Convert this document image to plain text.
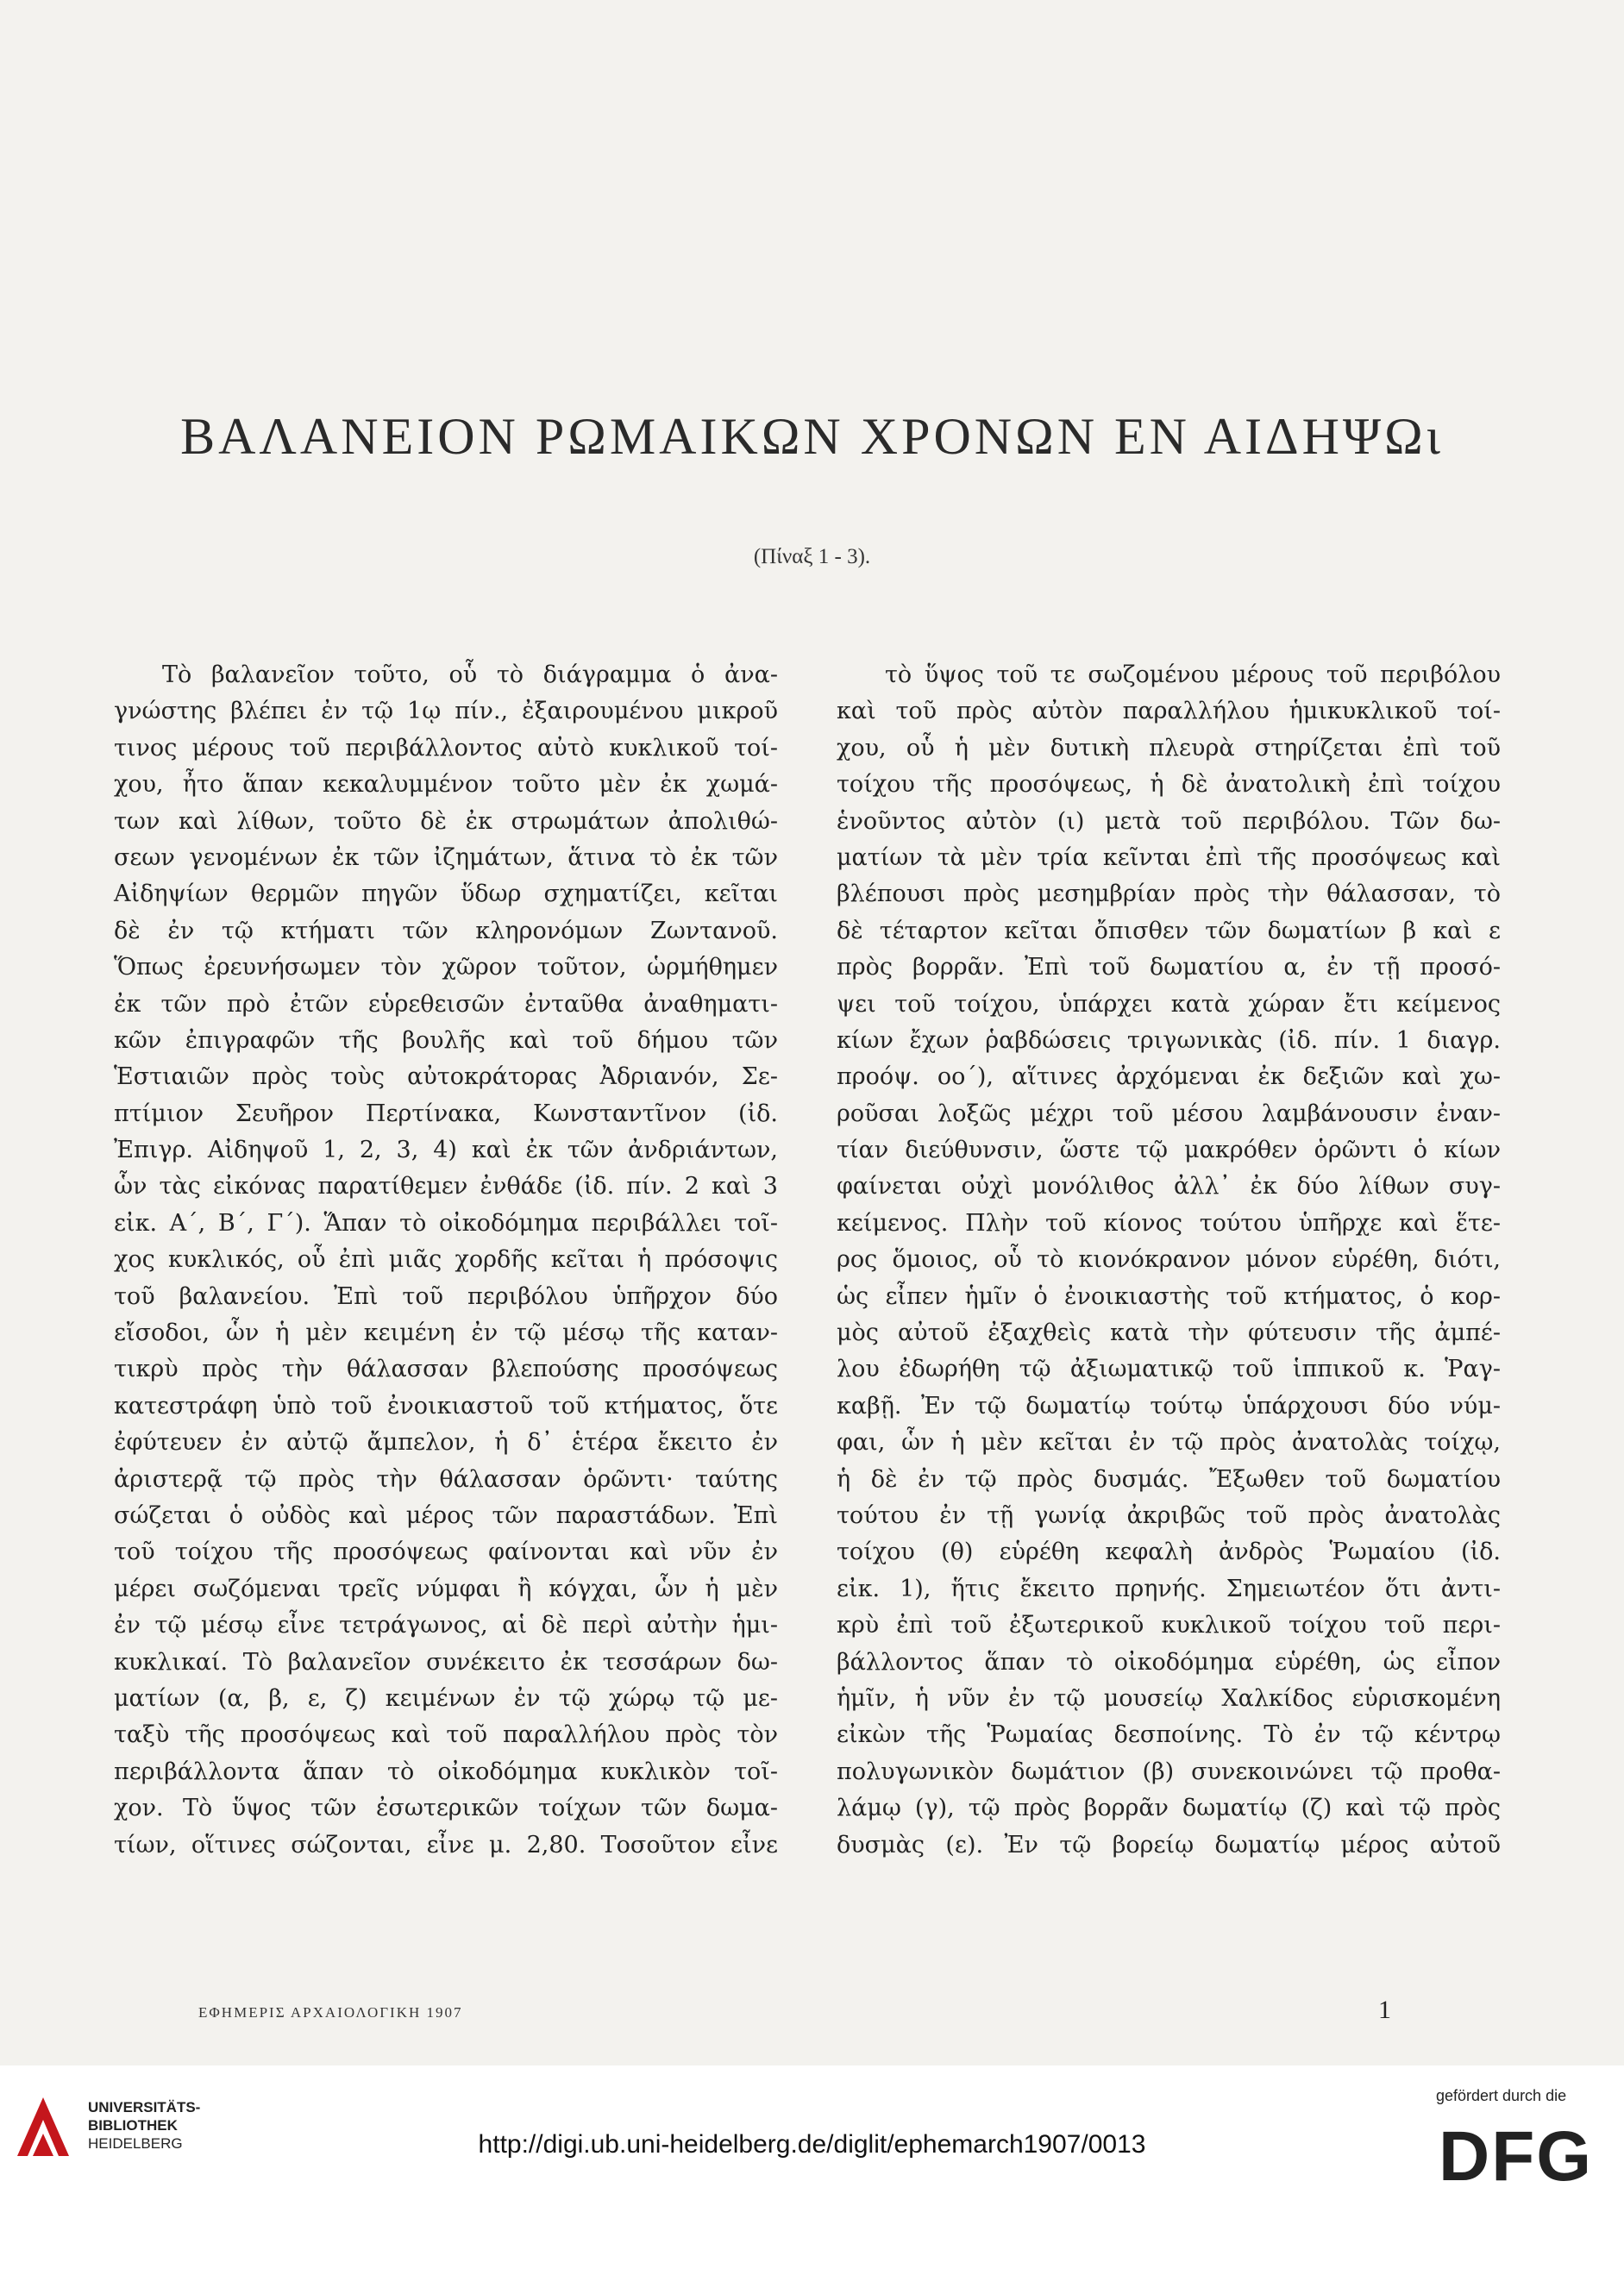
ΒΑΛΑΝΕΙΟΝ ΡΩΜΑΙΚΩΝ ΧΡΟΝΩΝ ΕΝ ΑΙΔΗΨΩι
(Πίναξ 1 - 3).
Τὸ βαλανεῖον τοῦτο, οὗ τὸ διάγραμμα ὁ ἀνα-
γνώστης βλέπει ἐν τῷ 1ῳ πίν., ἐξαιρουμένου μικροῦ
τινος μέρους τοῦ περιβάλλοντος αὐτὸ κυκλικοῦ τοί-
χου, ἦτο ἅπαν κεκαλυμμένον τοῦτο μὲν ἐκ χωμά-
των καὶ λίθων, τοῦτο δὲ ἐκ στρωμάτων ἀπολιθώ-
σεων γενομένων ἐκ τῶν ἰζημάτων, ἅτινα τὸ ἐκ τῶν
Αἰδηψίων θερμῶν πηγῶν ὕδωρ σχηματίζει, κεῖται
δὲ ἐν τῷ κτήματι τῶν κληρονόμων Ζωντανοῦ.
Ὅπως ἐρευνήσωμεν τὸν χῶρον τοῦτον, ὡρμήθημεν
ἐκ τῶν πρὸ ἐτῶν εὑρεθεισῶν ἐνταῦθα ἀναθηματι-
κῶν ἐπιγραφῶν τῆς βουλῆς καὶ τοῦ δήμου τῶν
Ἑστιαιῶν πρὸς τοὺς αὐτοκράτορας Ἀδριανόν, Σε-
πτίμιον Σευῆρον Περτίνακα, Κωνσταντῖνον (ἰδ.
Ἐπιγρ. Αἰδηψοῦ 1, 2, 3, 4) καὶ ἐκ τῶν ἀνδριάντων,
ὧν τὰς εἰκόνας παρατίθεμεν ἐνθάδε (ἰδ. πίν. 2 καὶ 3
εἰκ. Α΄, Β΄, Γ΄). Ἅπαν τὸ οἰκοδόμημα περιβάλλει τοῖ-
χος κυκλικός, οὗ ἐπὶ μιᾶς χορδῆς κεῖται ἡ πρόσοψις
τοῦ βαλανείου. Ἐπὶ τοῦ περιβόλου ὑπῆρχον δύο
εἴσοδοι, ὧν ἡ μὲν κειμένη ἐν τῷ μέσῳ τῆς καταν-
τικρὺ πρὸς τὴν θάλασσαν βλεπούσης προσόψεως
κατεστράφη ὑπὸ τοῦ ἐνοικιαστοῦ τοῦ κτήματος, ὅτε
ἐφύτευεν ἐν αὐτῷ ἄμπελον, ἡ δ᾽ ἑτέρα ἔκειτο ἐν
ἀριστερᾷ τῷ πρὸς τὴν θάλασσαν ὁρῶντι· ταύτης
σώζεται ὁ οὐδὸς καὶ μέρος τῶν παραστάδων. Ἐπὶ
τοῦ τοίχου τῆς προσόψεως φαίνονται καὶ νῦν ἐν
μέρει σωζόμεναι τρεῖς νύμφαι ἢ κόγχαι, ὧν ἡ μὲν
ἐν τῷ μέσῳ εἶνε τετράγωνος, αἱ δὲ περὶ αὐτὴν ἡμι-
κυκλικαί. Τὸ βαλανεῖον συνέκειτο ἐκ τεσσάρων δω-
ματίων (α, β, ε, ζ) κειμένων ἐν τῷ χώρῳ τῷ με-
ταξὺ τῆς προσόψεως καὶ τοῦ παραλλήλου πρὸς τὸν
περιβάλλοντα ἅπαν τὸ οἰκοδόμημα κυκλικὸν τοῖ-
χον. Τὸ ὕψος τῶν ἐσωτερικῶν τοίχων τῶν δωμα-
τίων, οἵτινες σώζονται, εἶνε μ. 2,80. Τοσοῦτον εἶνε
τὸ ὕψος τοῦ τε σωζομένου μέρους τοῦ περιβόλου
καὶ τοῦ πρὸς αὐτὸν παραλλήλου ἡμικυκλικοῦ τοί-
χου, οὗ ἡ μὲν δυτικὴ πλευρὰ στηρίζεται ἐπὶ τοῦ
τοίχου τῆς προσόψεως, ἡ δὲ ἀνατολικὴ ἐπὶ τοίχου
ἑνοῦντος αὐτὸν (ι) μετὰ τοῦ περιβόλου. Τῶν δω-
ματίων τὰ μὲν τρία κεῖνται ἐπὶ τῆς προσόψεως καὶ
βλέπουσι πρὸς μεσημβρίαν πρὸς τὴν θάλασσαν, τὸ
δὲ τέταρτον κεῖται ὄπισθεν τῶν δωματίων β καὶ ε
πρὸς βορρᾶν. Ἐπὶ τοῦ δωματίου α, ἐν τῇ προσό-
ψει τοῦ τοίχου, ὑπάρχει κατὰ χώραν ἔτι κείμενος
κίων ἔχων ῥαβδώσεις τριγωνικὰς (ἰδ. πίν. 1 διαγρ.
προόψ. οο΄), αἵτινες ἀρχόμεναι ἐκ δεξιῶν καὶ χω-
ροῦσαι λοξῶς μέχρι τοῦ μέσου λαμβάνουσιν ἐναν-
τίαν διεύθυνσιν, ὥστε τῷ μακρόθεν ὁρῶντι ὁ κίων
φαίνεται οὐχὶ μονόλιθος ἀλλ᾽ ἐκ δύο λίθων συγ-
κείμενος. Πλὴν τοῦ κίονος τούτου ὑπῆρχε καὶ ἕτε-
ρος ὅμοιος, οὗ τὸ κιονόκρανον μόνον εὑρέθη, διότι,
ὡς εἶπεν ἡμῖν ὁ ἐνοικιαστὴς τοῦ κτήματος, ὁ κορ-
μὸς αὐτοῦ ἐξαχθεὶς κατὰ τὴν φύτευσιν τῆς ἀμπέ-
λου ἐδωρήθη τῷ ἀξιωματικῷ τοῦ ἱππικοῦ κ. Ῥαγ-
καβῇ. Ἐν τῷ δωματίῳ τούτῳ ὑπάρχουσι δύο νύμ-
φαι, ὧν ἡ μὲν κεῖται ἐν τῷ πρὸς ἀνατολὰς τοίχῳ,
ἡ δὲ ἐν τῷ πρὸς δυσμάς. Ἔξωθεν τοῦ δωματίου
τούτου ἐν τῇ γωνίᾳ ἀκριβῶς τοῦ πρὸς ἀνατολὰς
τοίχου (θ) εὑρέθη κεφαλὴ ἀνδρὸς Ῥωμαίου (ἰδ.
εἰκ. 1), ἥτις ἔκειτο πρηνής. Σημειωτέον ὅτι ἀντι-
κρὺ ἐπὶ τοῦ ἐξωτερικοῦ κυκλικοῦ τοίχου τοῦ περι-
βάλλοντος ἅπαν τὸ οἰκοδόμημα εὑρέθη, ὡς εἶπον
ἡμῖν, ἡ νῦν ἐν τῷ μουσείῳ Χαλκίδος εὑρισκομένη
εἰκὼν τῆς Ῥωμαίας δεσποίνης. Τὸ ἐν τῷ κέντρῳ
πολυγωνικὸν δωμάτιον (β) συνεκοινώνει τῷ προθα-
λάμῳ (γ), τῷ πρὸς βορρᾶν δωματίῳ (ζ) καὶ τῷ πρὸς
δυσμὰς (ε). Ἐν τῷ βορείῳ δωματίῳ μέρος αὐτοῦ
ΕΦΗΜΕΡΙΣ ΑΡΧΑΙΟΛΟΓΙΚΗ 1907	1
UNIVERSITÄTS-
BIBLIOTHEK
HEIDELBERG	http://digi.ub.uni-heidelberg.de/diglit/ephemarch1907/0013
gefördert durch die
DFG
